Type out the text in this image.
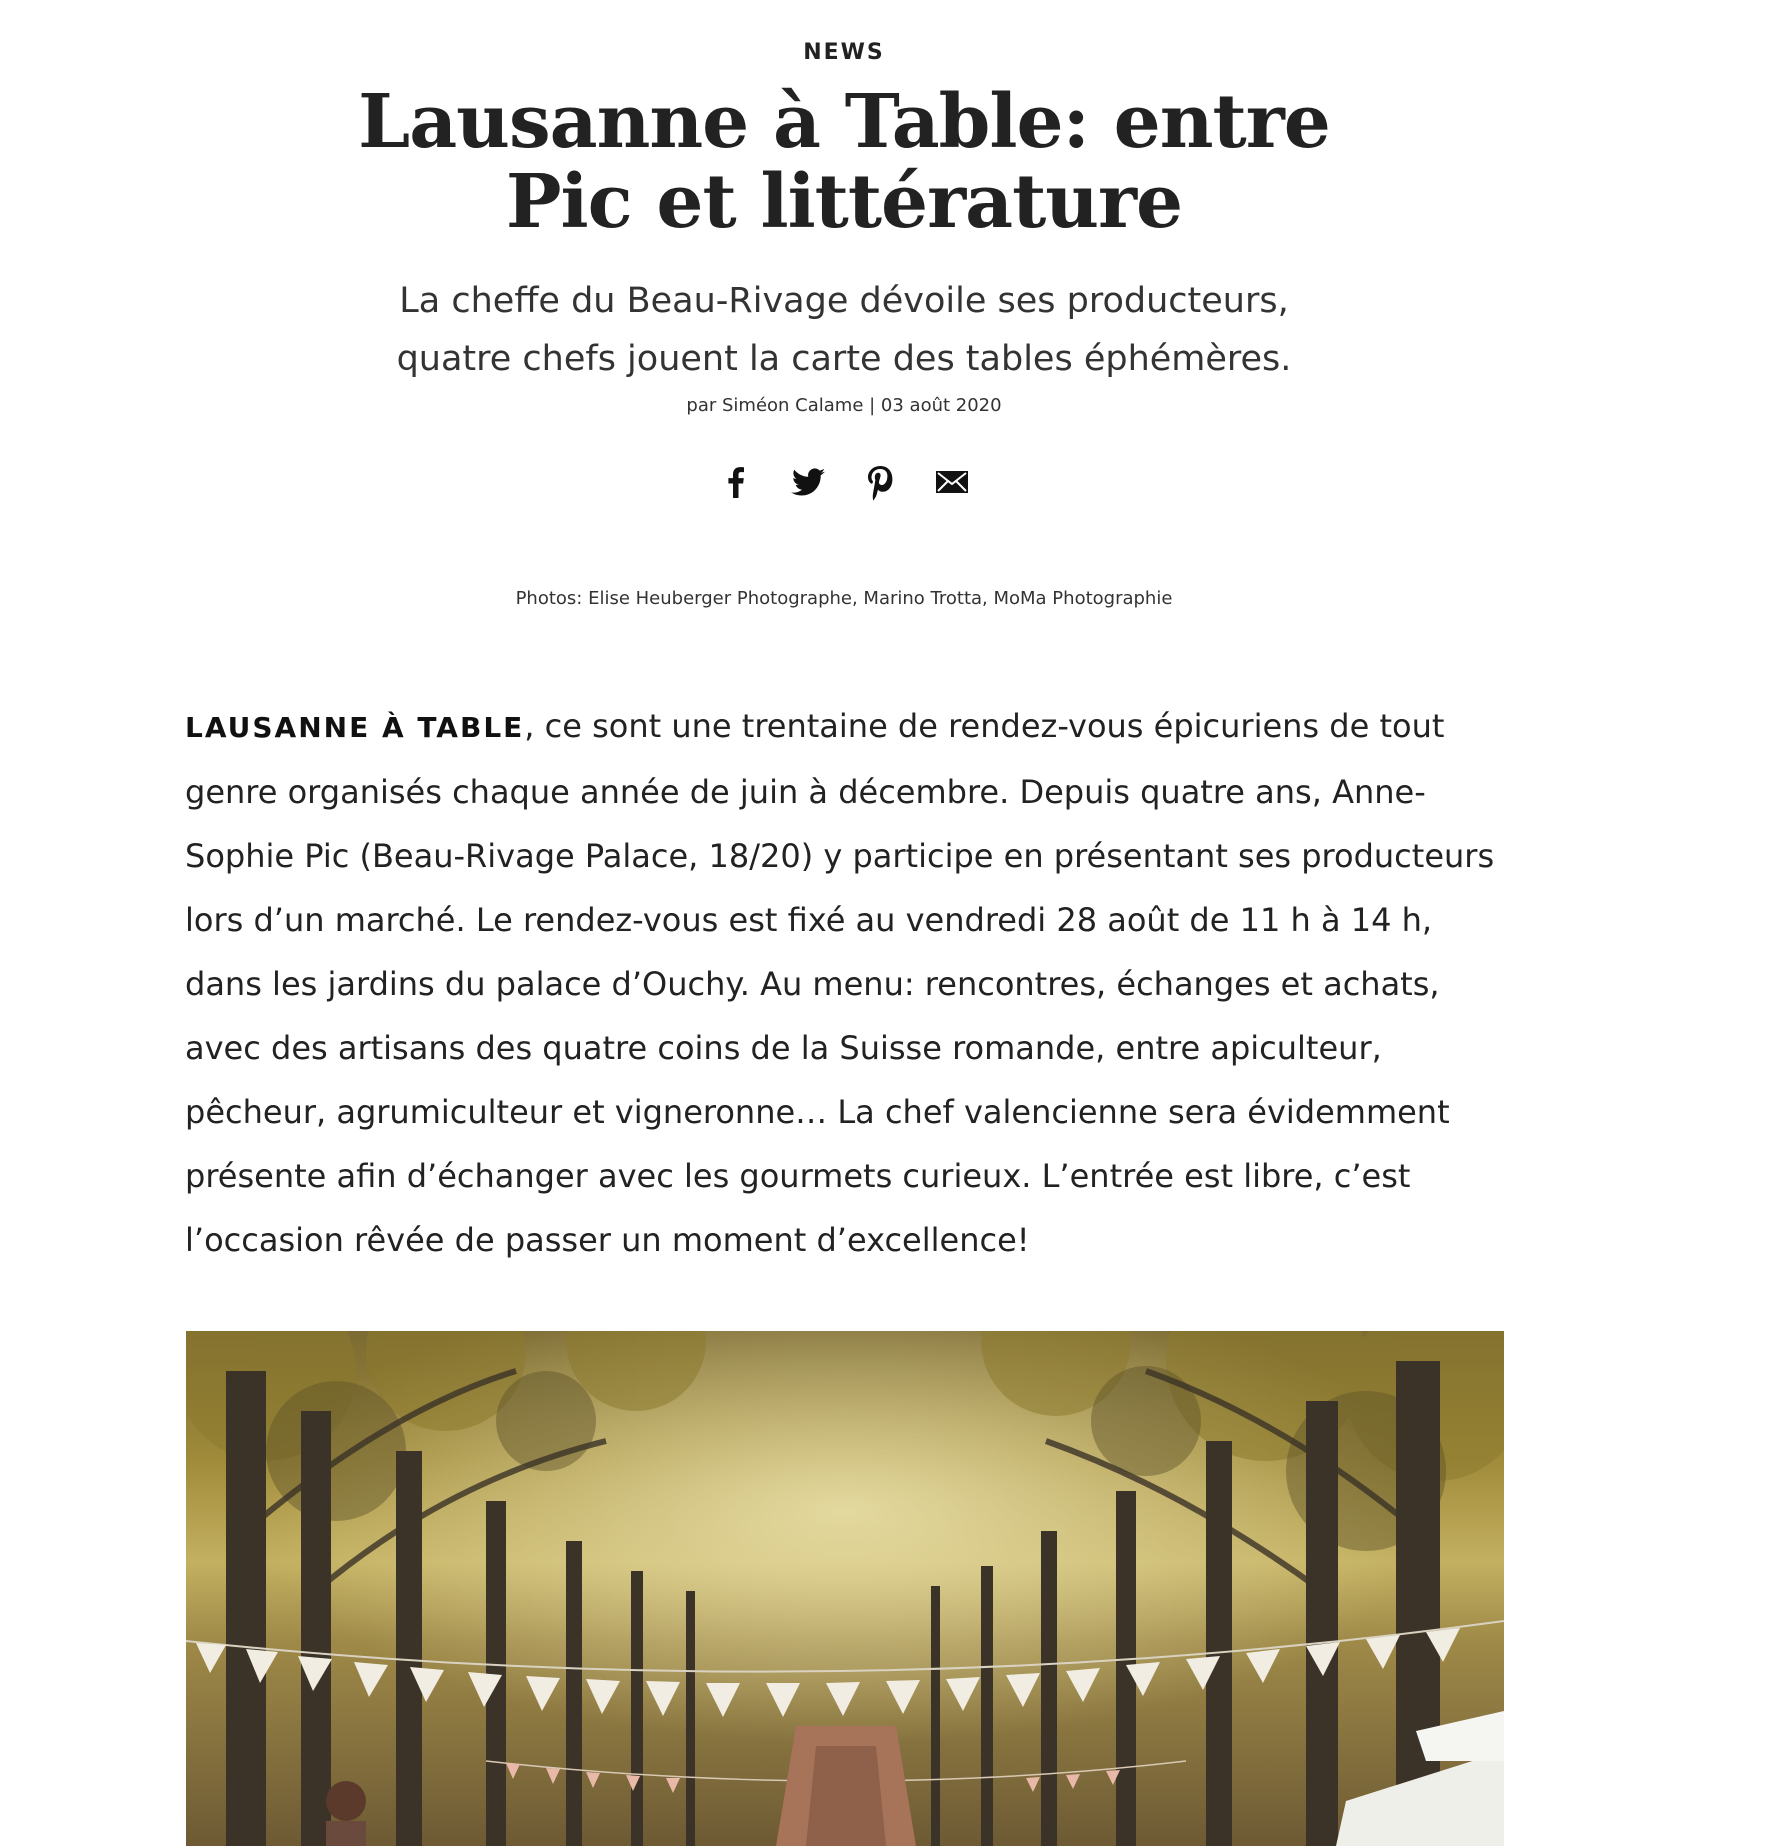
NEWS
Lausanne à Table: entre Pic et littérature
La cheffe du Beau-Rivage dévoile ses producteurs, quatre chefs jouent la carte des tables éphémères.
par Siméon Calame | 03 août 2020
Photos: Elise Heuberger Photographe, Marino Trotta, MoMa Photographie

LAUSANNE À TABLE, ce sont une trentaine de rendez-vous épicuriens de tout genre organisés chaque année de juin à décembre. Depuis quatre ans, Anne-Sophie Pic (Beau-Rivage Palace, 18/20) y participe en présentant ses producteurs lors d’un marché. Le rendez-vous est fixé au vendredi 28 août de 11 h à 14 h, dans les jardins du palace d’Ouchy. Au menu: rencontres, échanges et achats, avec des artisans des quatre coins de la Suisse romande, entre apiculteur, pêcheur, agrumiculteur et vigneronne… La chef valencienne sera évidemment présente afin d’échanger avec les gourmets curieux. L’entrée est libre, c’est l’occasion rêvée de passer un moment d’excellence!
